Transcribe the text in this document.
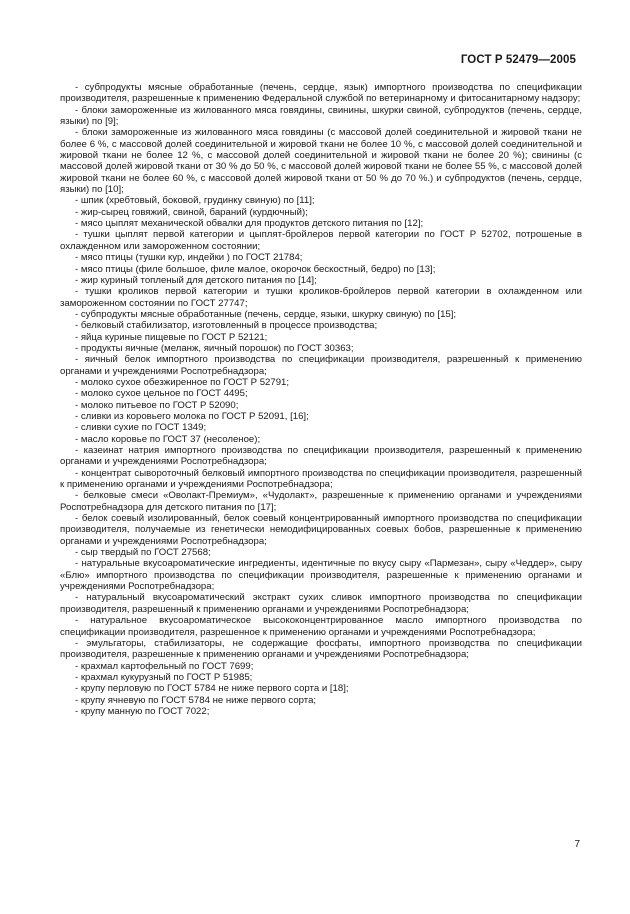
ГОСТ Р 52479—2005

- субпродукты мясные обработанные (печень, сердце, язык) импортного производства по спецификации производителя, разрешенные к применению Федеральной службой по ветеринарному и фитосанитарному надзору;

- блоки замороженные из жилованного мяса говядины, свинины, шкурки свиной, субпродуктов (печень, сердце, языки) по [9];

- блоки замороженные из жилованного мяса говядины (с массовой долей соединительной и жировой ткани не более 6 %, с массовой долей соединительной и жировой ткани не более 10 %, с массовой долей соединительной и жировой ткани не более 12 %, с массовой долей соединительной и жировой ткани не более 20 %); свинины (с массовой долей жировой ткани от 30 % до 50 %, с массовой долей жировой ткани не более 55 %, с массовой долей жировой ткани не более 60 %, с массовой долей жировой ткани от 50 % до 70 %.) и субпродуктов (печень, сердце, языки) по [10];

- шпик (хребтовый, боковой, грудинку свиную) по [11];

- жир-сырец говяжий, свиной, бараний (курдючный);

- мясо цыплят механической обвалки для продуктов детского питания по [12];

- тушки цыплят первой категории и цыплят-бройлеров первой категории по ГОСТ Р 52702, потрошеные в охлажденном или замороженном состоянии;

- мясо птицы (тушки кур, индейки ) по ГОСТ 21784;

- мясо птицы (филе большое, филе малое, окорочок бескостный, бедро) по [13];

- жир куриный топленый для детского питания по [14];

- тушки кроликов первой категории и тушки кроликов-бройлеров первой категории в охлажденном или замороженном состоянии по ГОСТ 27747;

- субпродукты мясные обработанные (печень, сердце, языки, шкурку свиную) по [15];

- белковый стабилизатор, изготовленный в процессе производства;

- яйца куриные пищевые по ГОСТ Р 52121;

- продукты яичные (меланж, яичный порошок) по ГОСТ 30363;

- яичный белок импортного производства по спецификации производителя, разрешенный к применению органами и учреждениями Роспотребнадзора;

- молоко сухое обезжиренное по ГОСТ Р 52791;

- молоко сухое цельное по ГОСТ 4495;

- молоко питьевое по ГОСТ Р 52090;

- сливки из коровьего молока по ГОСТ Р 52091, [16];

- сливки сухие по ГОСТ 1349;

- масло коровье по ГОСТ 37 (несоленое);

- казеинат натрия импортного производства по спецификации производителя, разрешенный к применению органами и учреждениями Роспотребнадзора;

- концентрат сывороточный белковый импортного производства по спецификации производителя, разрешенный к применению органами и учреждениями Роспотребнадзора;

- белковые смеси «Оволакт-Премиум», «Чудолакт», разрешенные к применению органами и учреждениями Роспотребнадзора для детского питания по [17];

- белок соевый изолированный, белок соевый концентрированный импортного производства по спецификации производителя, получаемые из генетически немодифицированных соевых бобов, разрешенные к применению органами и учреждениями Роспотребнадзора;

- сыр твердый по ГОСТ 27568;

- натуральные вкусоароматические ингредиенты, идентичные по вкусу сыру «Пармезан», сыру «Чеддер», сыру «Блю» импортного производства по спецификации производителя, разрешенные к применению органами и учреждениями Роспотребнадзора;

- натуральный вкусоароматический экстракт сухих сливок импортного производства по спецификации производителя, разрешенный к применению органами и учреждениями Роспотребнадзора;

- натуральное вкусоароматическое высококонцентрированное масло импортного производства по спецификации производителя, разрешенное к применению органами и учреждениями Роспотребнадзора;

- эмульгаторы, стабилизаторы, не содержащие фосфаты, импортного производства по спецификации производителя, разрешенные к применению органами и учреждениями Роспотребнадзора;

- крахмал картофельный по ГОСТ 7699;

- крахмал кукурузный по ГОСТ Р 51985;

- крупу перловую по ГОСТ 5784 не ниже первого сорта и [18];

- крупу ячневую по ГОСТ 5784 не ниже первого сорта;

- крупу манную по ГОСТ 7022;

7
